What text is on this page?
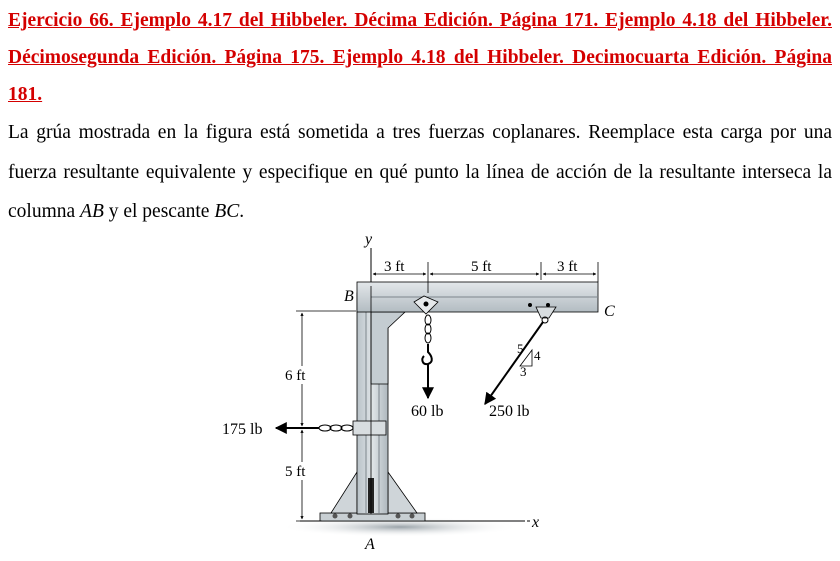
Ejercicio 66. Ejemplo 4.17 del Hibbeler. Décima Edición. Página 171. Ejemplo 4.18 del Hibbeler. Décimosegunda Edición. Página 175. Ejemplo 4.18 del Hibbeler. Decimocuarta Edición. Página 181.
La grúa mostrada en la figura está sometida a tres fuerzas coplanares. Reemplace esta carga por una fuerza resultante equivalente y especifique en qué punto la línea de acción de la resultante interseca la columna AB y el pescante BC.
x
5 4
3
175 lb
60 lb	250 lb
y
B
C
A
3 ft	5 ft	3 ft
6 ft
5 ft
